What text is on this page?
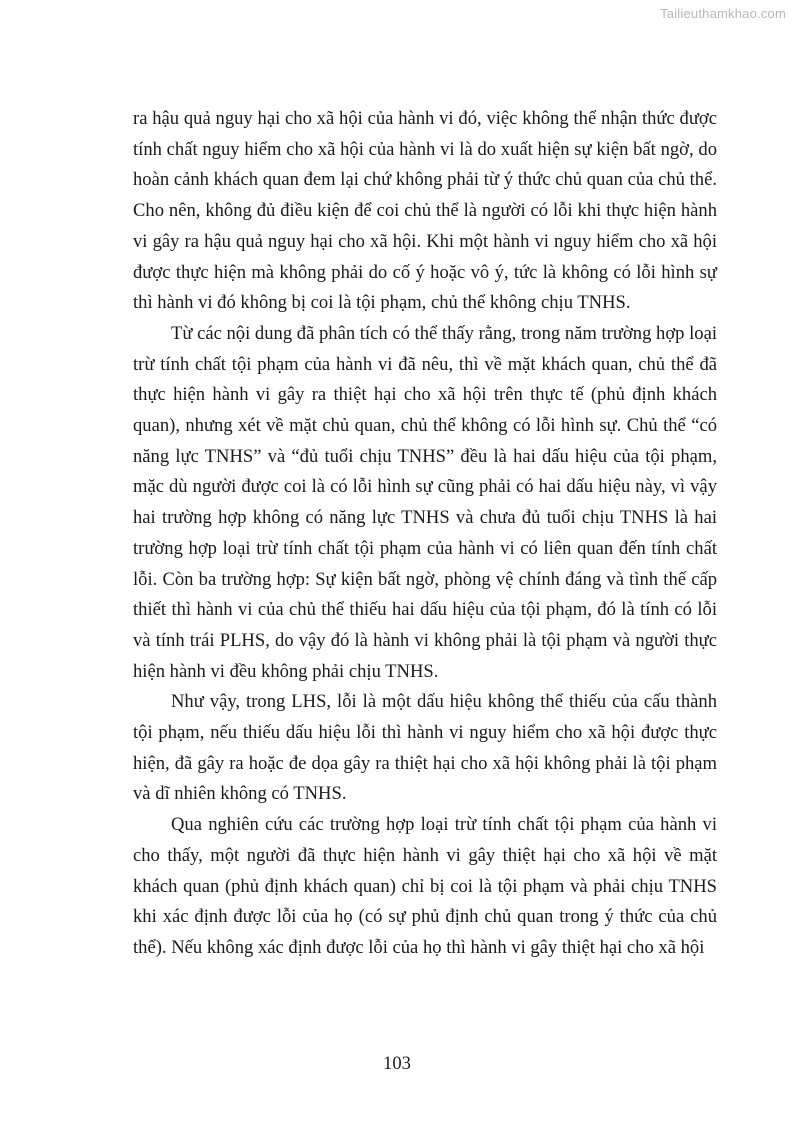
Tailieuthamkhao.com

ra hậu quả nguy hại cho xã hội của hành vi đó, việc không thể nhận thức được tính chất nguy hiểm cho xã hội của hành vi là do xuất hiện sự kiện bất ngờ, do hoàn cảnh khách quan đem lại chứ không phải từ ý thức chủ quan của chủ thể. Cho nên, không đủ điều kiện để coi chủ thể là người có lỗi khi thực hiện hành vi gây ra hậu quả nguy hại cho xã hội. Khi một hành vi nguy hiểm cho xã hội được thực hiện mà không phải do cố ý hoặc vô ý, tức là không có lỗi hình sự thì hành vi đó không bị coi là tội phạm, chủ thể không chịu TNHS.

Từ các nội dung đã phân tích có thể thấy rằng, trong năm trường hợp loại trừ tính chất tội phạm của hành vi đã nêu, thì về mặt khách quan, chủ thể đã thực hiện hành vi gây ra thiệt hại cho xã hội trên thực tế (phủ định khách quan), nhưng xét về mặt chủ quan, chủ thể không có lỗi hình sự. Chủ thể “có năng lực TNHS” và “đủ tuổi chịu TNHS” đều là hai dấu hiệu của tội phạm, mặc dù người được coi là có lỗi hình sự cũng phải có hai dấu hiệu này, vì vậy hai trường hợp không có năng lực TNHS và chưa đủ tuổi chịu TNHS là hai trường hợp loại trừ tính chất tội phạm của hành vi có liên quan đến tính chất lỗi. Còn ba trường hợp: Sự kiện bất ngờ, phòng vệ chính đáng và tình thế cấp thiết thì hành vi của chủ thể thiếu hai dấu hiệu của tội phạm, đó là tính có lỗi và tính trái PLHS, do vậy đó là hành vi không phải là tội phạm và người thực hiện hành vi đều không phải chịu TNHS.

Như vậy, trong LHS, lỗi là một dấu hiệu không thể thiếu của cấu thành tội phạm, nếu thiếu dấu hiệu lỗi thì hành vi nguy hiểm cho xã hội được thực hiện, đã gây ra hoặc đe dọa gây ra thiệt hại cho xã hội không phải là tội phạm và dĩ nhiên không có TNHS.

Qua nghiên cứu các trường hợp loại trừ tính chất tội phạm của hành vi cho thấy, một người đã thực hiện hành vi gây thiệt hại cho xã hội về mặt khách quan (phủ định khách quan) chỉ bị coi là tội phạm và phải chịu TNHS khi xác định được lỗi của họ (có sự phủ định chủ quan trong ý thức của chủ thể). Nếu không xác định được lỗi của họ thì hành vi gây thiệt hại cho xã hội

103
